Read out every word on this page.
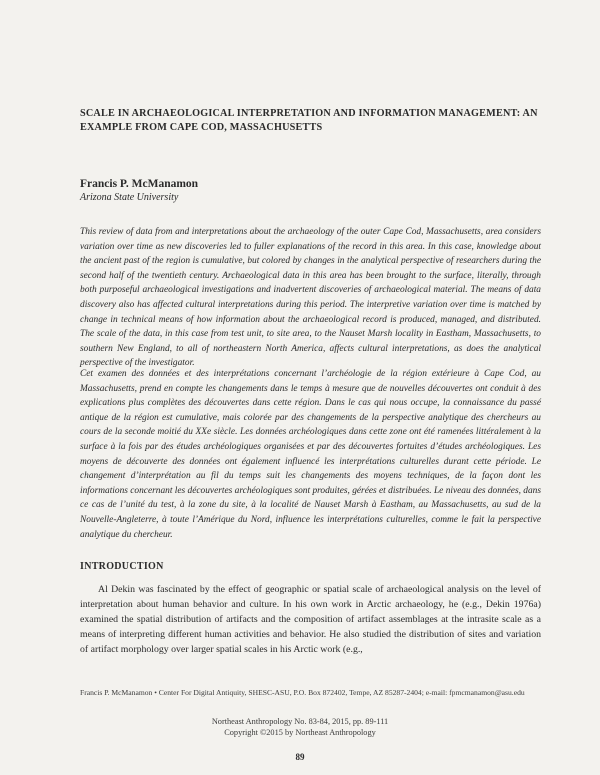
SCALE IN ARCHAEOLOGICAL INTERPRETATION AND INFORMATION MANAGEMENT: AN EXAMPLE FROM CAPE COD, MASSACHUSETTS
Francis P. McManamon
Arizona State University

This review of data from and interpretations about the archaeology of the outer Cape Cod, Massachusetts, area considers variation over time as new discoveries led to fuller explanations of the record in this area. In this case, knowledge about the ancient past of the region is cumulative, but colored by changes in the analytical perspective of researchers during the second half of the twentieth century. Archaeological data in this area has been brought to the surface, literally, through both purposeful archaeological investigations and inadvertent discoveries of archaeological material. The means of data discovery also has affected cultural interpretations during this period. The interpretive variation over time is matched by change in technical means of how information about the archaeological record is produced, managed, and distributed. The scale of the data, in this case from test unit, to site area, to the Nauset Marsh locality in Eastham, Massachusetts, to southern New England, to all of northeastern North America, affects cultural interpretations, as does the analytical perspective of the investigator.

Cet examen des données et des interprétations concernant l’archéologie de la région extérieure à Cape Cod, au Massachusetts, prend en compte les changements dans le temps à mesure que de nouvelles découvertes ont conduit à des explications plus complètes des découvertes dans cette région. Dans le cas qui nous occupe, la connaissance du passé antique de la région est cumulative, mais colorée par des changements de la perspective analytique des chercheurs au cours de la seconde moitié du XXe siècle. Les données archéologiques dans cette zone ont été ramenées littéralement à la surface à la fois par des études archéologiques organisées et par des découvertes fortuites d’études archéologiques. Les moyens de découverte des données ont également influencé les interprétations culturelles durant cette période. Le changement d’interprétation au fil du temps suit les changements des moyens techniques, de la façon dont les informations concernant les découvertes archéologiques sont produites, gérées et distribuées. Le niveau des données, dans ce cas de l’unité du test, à la zone du site, à la localité de Nauset Marsh à Eastham, au Massachusetts, au sud de la Nouvelle-Angleterre, à toute l’Amérique du Nord, influence les interprétations culturelles, comme le fait la perspective analytique du chercheur.

INTRODUCTION

Al Dekin was fascinated by the effect of geographic or spatial scale of archaeological analysis on the level of interpretation about human behavior and culture. In his own work in Arctic archaeology, he (e.g., Dekin 1976a) examined the spatial distribution of artifacts and the composition of artifact assemblages at the intrasite scale as a means of interpreting different human activities and behavior. He also studied the distribution of sites and variation of artifact morphology over larger spatial scales in his Arctic work (e.g.,

Francis P. McManamon • Center For Digital Antiquity, SHESC-ASU, P.O. Box 872402, Tempe, AZ 85287-2404; e-mail: fpmcmanamon@asu.edu

Northeast Anthropology No. 83-84, 2015, pp. 89-111
Copyright ©2015 by Northeast Anthropology
89
